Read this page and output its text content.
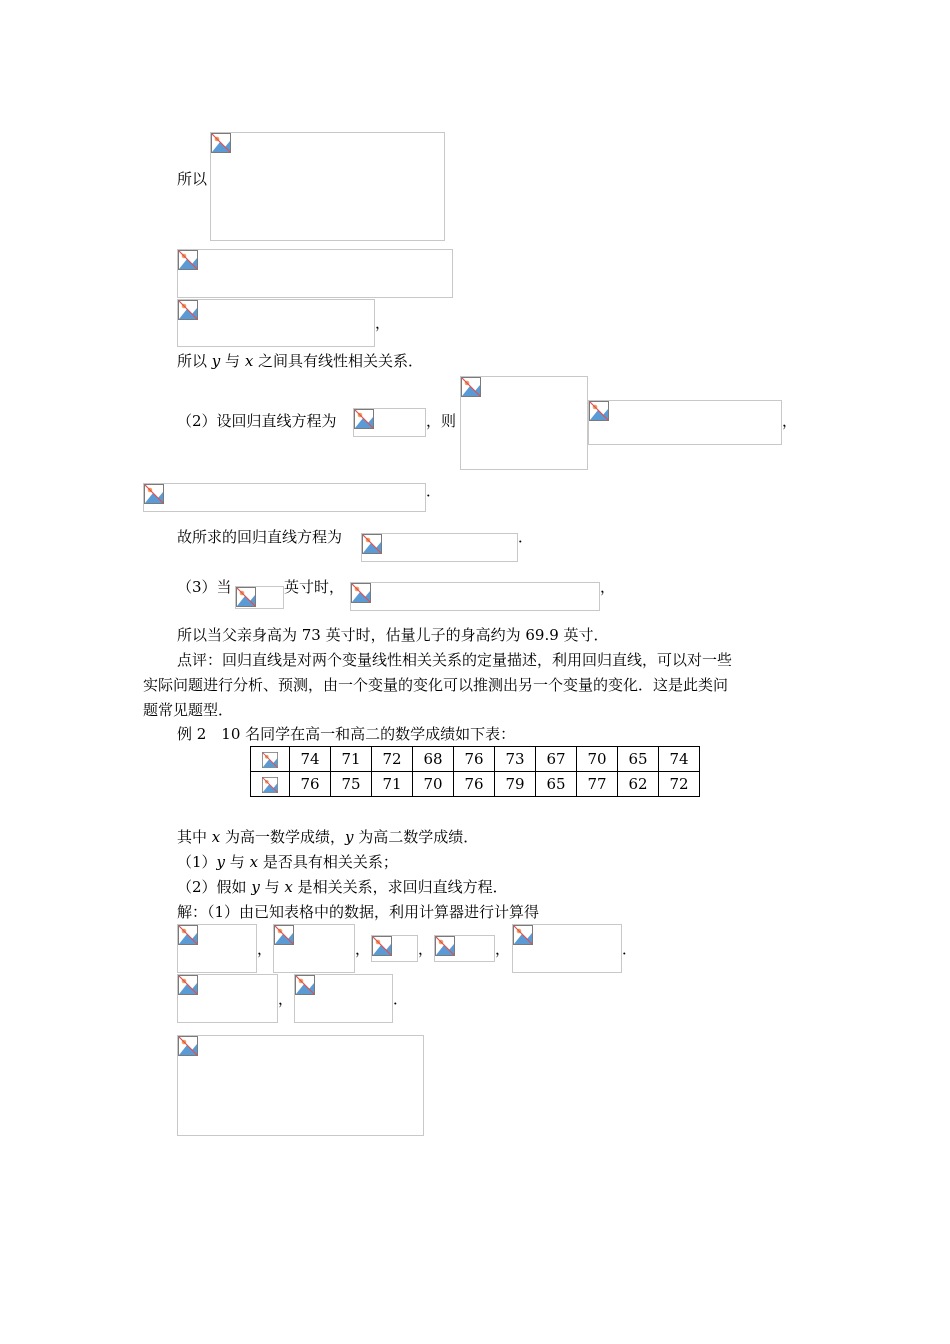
所以
，
所以 y 与 x 之间具有线性相关关系．
（2）设回归直线方程为	，则	，
．
故所求的回归直线方程为	．
（3）当	英寸时，	，
所以当父亲身高为 73 英寸时，估量儿子的身高约为 69.9 英寸．
点评：回归直线是对两个变量线性相关关系的定量描述，利用回归直线，可以对一些
实际问题进行分析、预测，由一个变量的变化可以推测出另一个变量的变化．这是此类问
题常见题型．
例 2　10 名同学在高一和高二的数学成绩如下表：
	74	71	72	68	76	73	67	70	65	74

	76	75	71	70	76	79	65	77	62	72
其中 x 为高一数学成绩，y 为高二数学成绩．
（1）y 与 x 是否具有相关关系；
（2）假如 y 与 x 是相关关系，求回归直线方程．
解：（1）由已知表格中的数据，利用计算器进行计算得
，	，	，	，	．
，	．
